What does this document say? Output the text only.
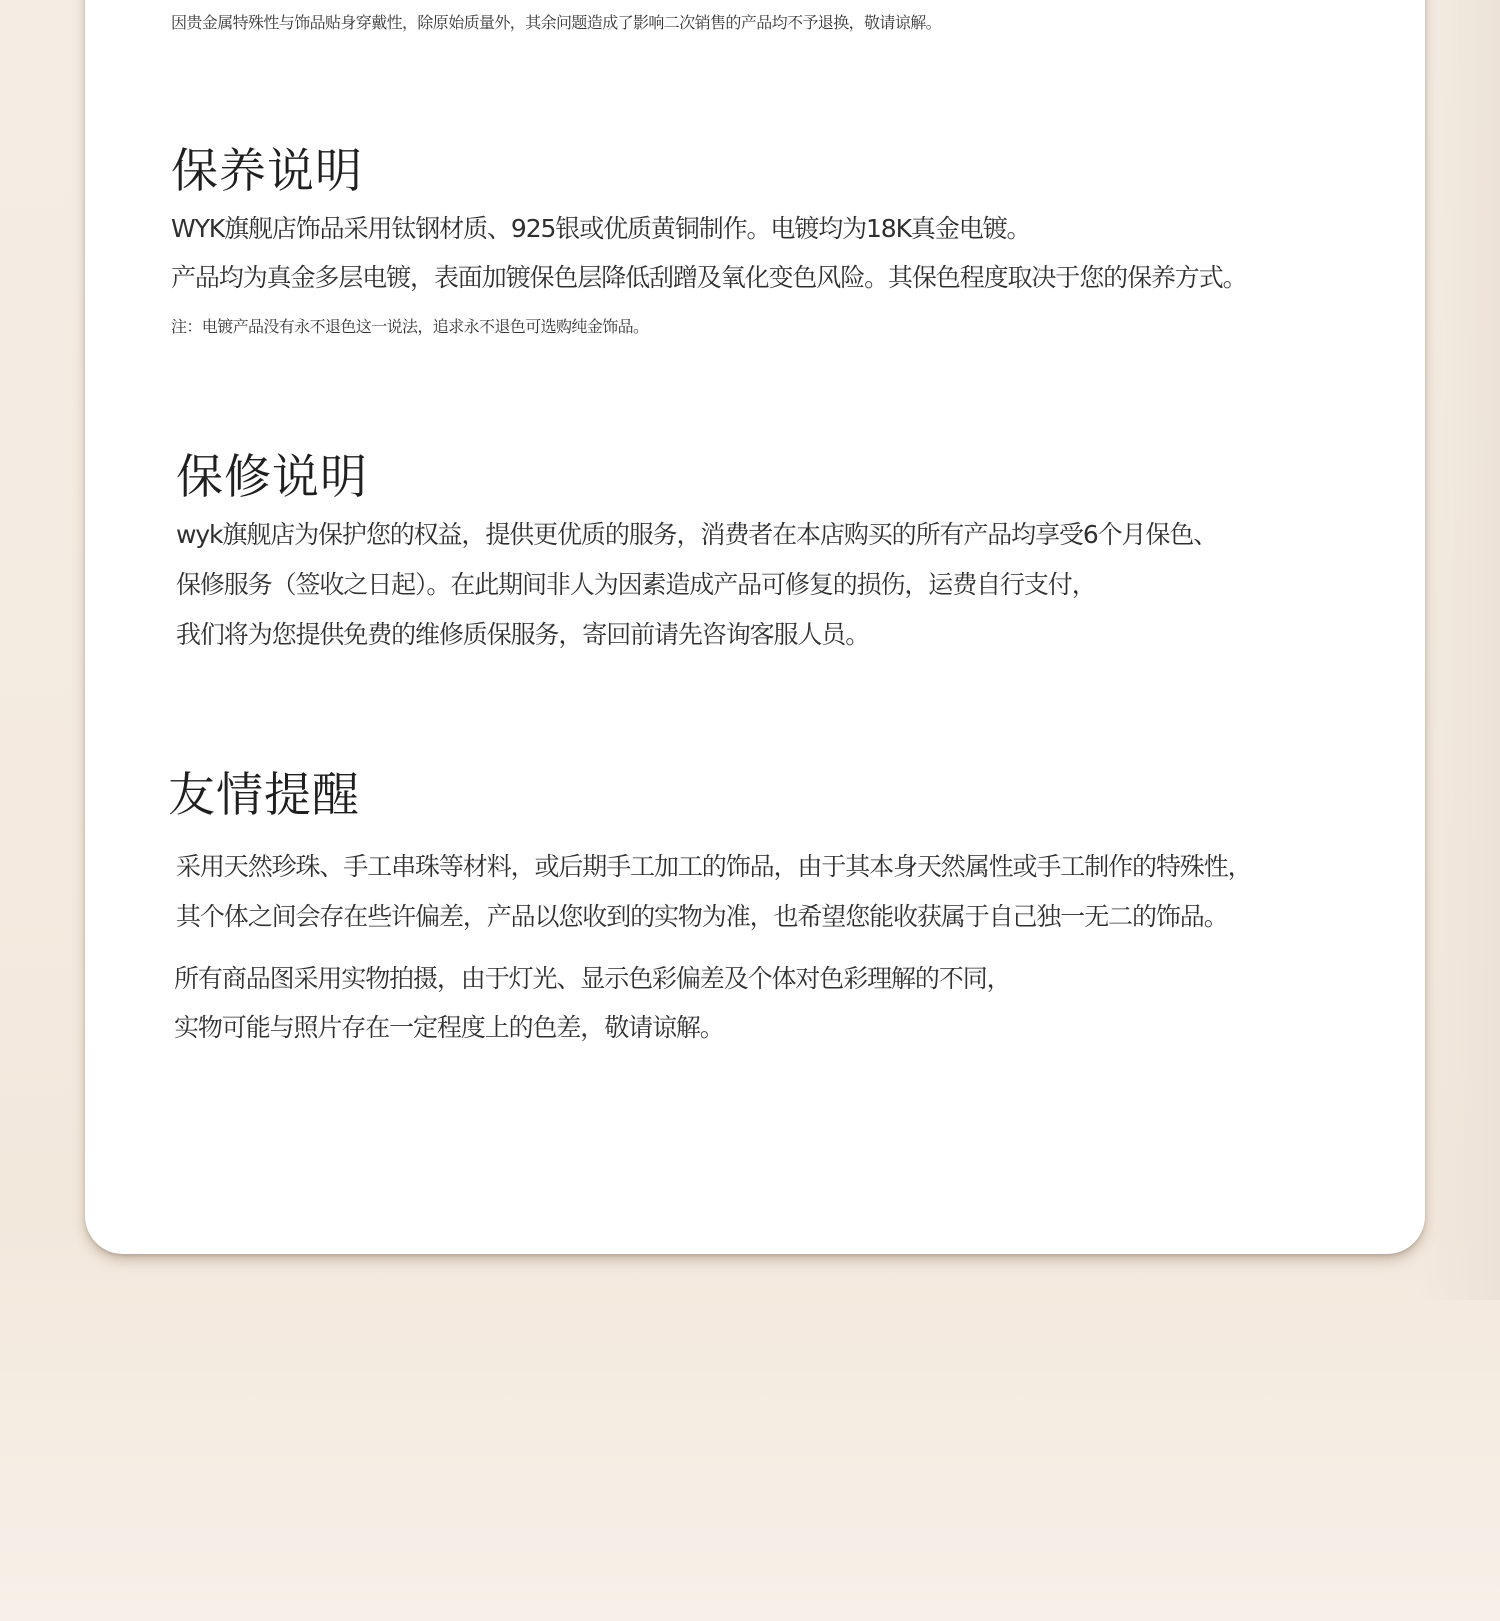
因贵金属特殊性与饰品贴身穿戴性，除原始质量外，其余问题造成了影响二次销售的产品均不予退换，敬请谅解。
保养说明
WYK旗舰店饰品采用钛钢材质、925银或优质黄铜制作。电镀均为18K真金电镀。
产品均为真金多层电镀，表面加镀保色层降低刮蹭及氧化变色风险。其保色程度取决于您的保养方式。
注：电镀产品没有永不退色这一说法，追求永不退色可选购纯金饰品。
保修说明
wyk旗舰店为保护您的权益，提供更优质的服务，消费者在本店购买的所有产品均享受6个月保色、
保修服务（签收之日起）。在此期间非人为因素造成产品可修复的损伤，运费自行支付，
我们将为您提供免费的维修质保服务，寄回前请先咨询客服人员。
友情提醒
采用天然珍珠、手工串珠等材料，或后期手工加工的饰品，由于其本身天然属性或手工制作的特殊性，
其个体之间会存在些许偏差，产品以您收到的实物为准，也希望您能收获属于自己独一无二的饰品。
所有商品图采用实物拍摄，由于灯光、显示色彩偏差及个体对色彩理解的不同，
实物可能与照片存在一定程度上的色差，敬请谅解。
